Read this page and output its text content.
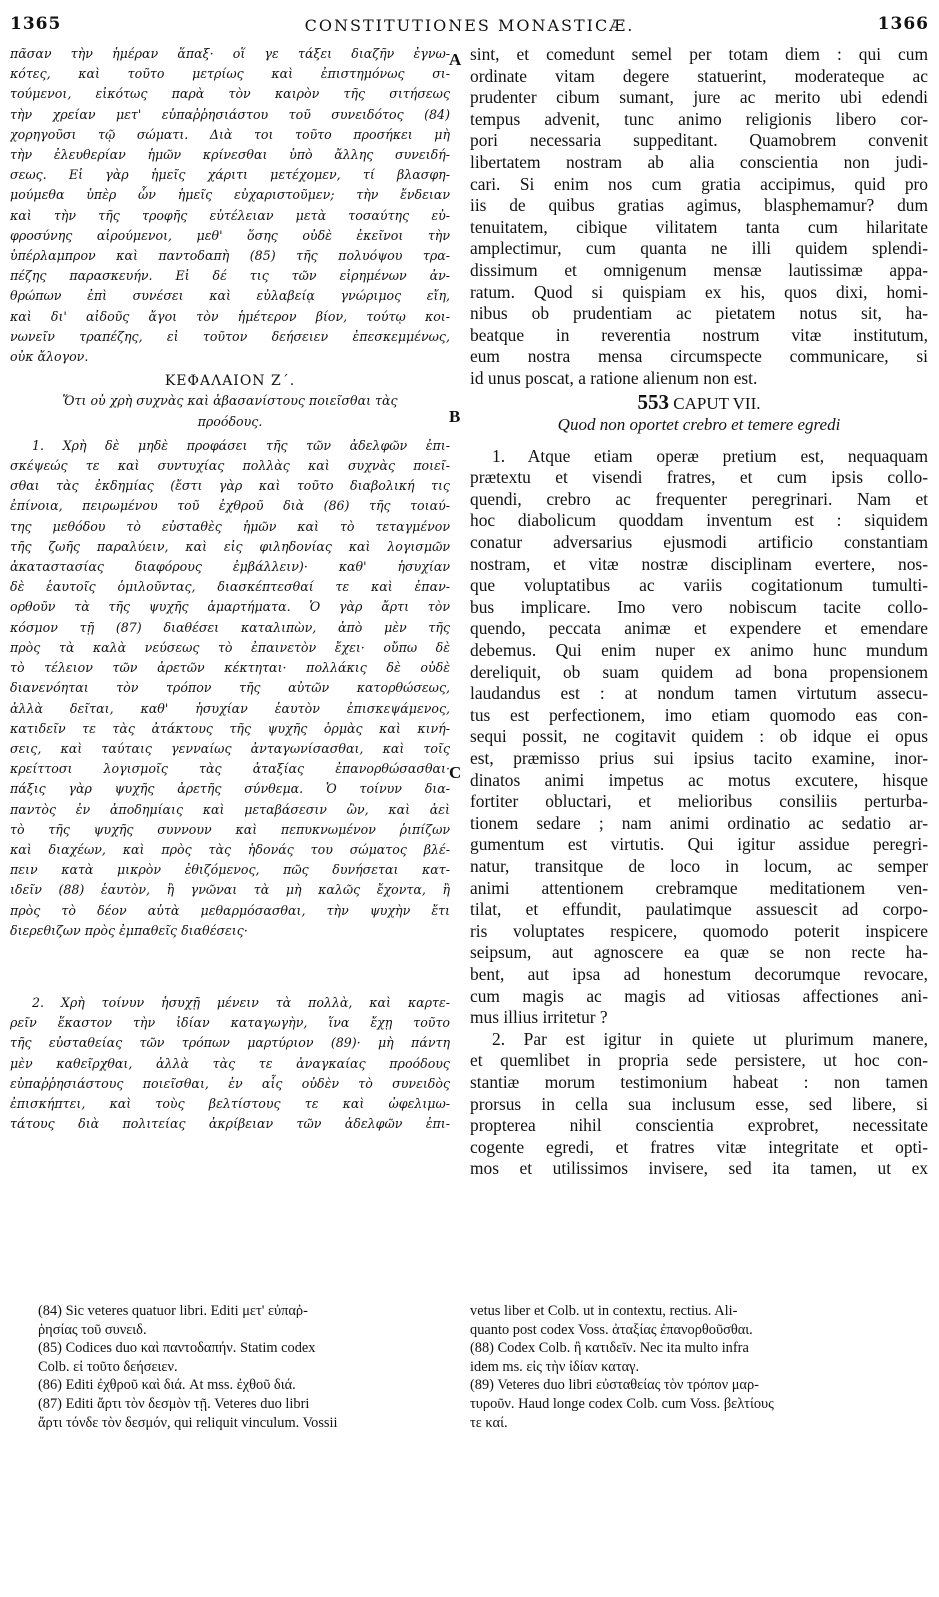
1365	CONSTITUTIONES MONASTICÆ.	1366
πᾶσαν τὴν ἡμέραν ἅπαξ· οἵ γε τάξει διαζῆν ἐγνω-
κότες, καὶ τοῦτο μετρίως καὶ ἐπιστημόνως σι-
τούμενοι, εἰκότως παρὰ τὸν καιρὸν τῆς σιτήσεως
τὴν χρείαν μετ' εὐπαῤῥησιάστου τοῦ συνειδότος (84)
χορηγοῦσι τῷ σώματι. Διὰ τοι τοῦτο προσήκει μὴ
τὴν ἐλευθερίαν ἡμῶν κρίνεσθαι ὑπὸ ἄλλης συνειδή-
σεως. Εἰ γὰρ ἡμεῖς χάριτι μετέχομεν, τί βλασφη-
μούμεθα ὑπὲρ ὧν ἡμεῖς εὐχαριστοῦμεν; τὴν ἔνδειαν
καὶ τὴν τῆς τροφῆς εὐτέλειαν μετὰ τοσαύτης εὐ-
φροσύνης αἱρούμενοι, μεθ' ὅσης οὐδὲ ἐκεῖνοι τὴν
ὑπέρλαμπρον καὶ παντοδαπὴ (85) τῆς πολυόψου τρα-
πέζης παρασκευήν. Εἰ δέ τις τῶν εἰρημένων ἀν-
θρώπων ἐπὶ συνέσει καὶ εὐλαβείᾳ γνώριμος εἴη,
καὶ δι' αἰδοῦς ἄγοι τὸν ἡμέτερον βίον, τούτῳ κοι-
νωνεῖν τραπέζης, εἰ τοῦτον δεήσειεν ἐπεσκεμμένως,
οὐκ ἄλογον.
ΚΕΦΑΛΑΙΟΝ Ζ΄.
Ὅτι οὐ χρὴ συχνὰς καὶ ἀβασανίστους ποιεῖσθαι τὰς
προόδους.
1. Χρὴ δὲ μηδὲ προφάσει τῆς τῶν ἀδελφῶν ἐπι-
σκέψεώς τε καὶ συντυχίας πολλὰς καὶ συχνὰς ποιεῖ-
σθαι τὰς ἐκδημίας (ἔστι γὰρ καὶ τοῦτο διαβολική τις
ἐπίνοια, πειρωμένου τοῦ ἐχθροῦ διὰ (86) τῆς τοιαύ-
της μεθόδου τὸ εὐσταθὲς ἡμῶν καὶ τὸ τεταγμένον
τῆς ζωῆς παραλύειν, καὶ εἰς φιληδονίας καὶ λογισμῶν
ἀκαταστασίας διαφόρους ἐμβάλλειν)· καθ' ἡσυχίαν
δὲ ἑαυτοῖς ὁμιλοῦντας, διασκέπτεσθαί τε καὶ ἐπαν-
ορθοῦν τὰ τῆς ψυχῆς ἁμαρτήματα. Ὁ γὰρ ἄρτι τὸν
κόσμον τῇ (87) διαθέσει καταλιπὼν, ἀπὸ μὲν τῆς
πρὸς τὰ καλὰ νεύσεως τὸ ἐπαινετὸν ἔχει· οὔπω δὲ
τὸ τέλειον τῶν ἀρετῶν κέκτηται· πολλάκις δὲ οὐδὲ
διανενόηται τὸν τρόπον τῆς αὐτῶν κατορθώσεως,
ἀλλὰ δεῖται, καθ' ἡσυχίαν ἑαυτὸν ἐπισκεψάμενος,
κατιδεῖν τε τὰς ἀτάκτους τῆς ψυχῆς ὁρμὰς καὶ κινή-
σεις, καὶ ταύταις γενναίως ἀνταγωνίσασθαι, καὶ τοῖς
κρείττοσι λογισμοῖς τὰς ἀταξίας ἐπανορθώσασθαι·
πάξις γὰρ ψυχῆς ἀρετῆς σύνθεμα. Ὁ τοίνυν δια-
παντὸς ἐν ἀποδημίαις καὶ μεταβάσεσιν ὢν, καὶ ἀεὶ
τὸ τῆς ψυχῆς συννουν καὶ πεπυκνωμένον ῥιπίζων
καὶ διαχέων, καὶ πρὸς τὰς ἡδονάς του σώματος βλέ-
πειν κατὰ μικρὸν ἐθιζόμενος, πῶς δυνήσεται κατ-
ιδεῖν (88) ἑαυτὸν, ἢ γνῶναι τὰ μὴ καλῶς ἔχοντα, ἢ
πρὸς τὸ δέον αὐτὰ μεθαρμόσασθαι, τὴν ψυχὴν ἔτι
διερεθιζων πρὸς ἐμπαθεῖς διαθέσεις·
2. Χρὴ τοίνυν ἡσυχῇ μένειν τὰ πολλὰ, καὶ καρτε-
ρεῖν ἕκαστον τὴν ἰδίαν καταγωγὴν, ἵνα ἔχῃ τοῦτο
τῆς εὐσταθείας τῶν τρόπων μαρτύριον (89)· μὴ πάντη
μὲν καθεῖρχθαι, ἀλλὰ τὰς τε ἀναγκαίας προόδους
εὐπαῤῥησιάστους ποιεῖσθαι, ἐν αἷς οὐδὲν τὸ συνειδὸς
ἐπισκήπτει, καὶ τοὺς βελτίστους τε καὶ ὠφελιμω-
τάτους διὰ πολιτείας ἀκρίβειαν τῶν ἀδελφῶν ἐπι-
sint, et comedunt semel per totam diem : qui cum
ordinate vitam degere statuerint, moderateque ac
prudenter cibum sumant, jure ac merito ubi edendi
tempus advenit, tunc animo religionis libero cor-
pori necessaria suppeditant. Quamobrem convenit
libertatem nostram ab alia conscientia non judi-
cari. Si enim nos cum gratia accipimus, quid pro
iis de quibus gratias agimus, blasphemamur? dum
tenuitatem, cibique vilitatem tanta cum hilaritate
amplectimur, cum quanta ne illi quidem splendi-
dissimum et omnigenum mensæ lautissimæ appa-
ratum. Quod si quispiam ex his, quos dixi, homi-
nibus ob prudentiam ac pietatem notus sit, ha-
beatque in reverentia nostrum vitæ institutum,
eum nostra mensa circumspecte communicare, si
id unus poscat, a ratione alienum non est.
553 CAPUT VII.
Quod non oportet crebro et temere egredi
1. Atque etiam operæ pretium est, nequaquam
prætextu et visendi fratres, et cum ipsis collo-
quendi, crebro ac frequenter peregrinari. Nam et
hoc diabolicum quoddam inventum est : siquidem
conatur adversarius ejusmodi artificio constantiam
nostram, et vitæ nostræ disciplinam evertere, nos-
que voluptatibus ac variis cogitationum tumulti-
bus implicare. Imo vero nobiscum tacite collo-
quendo, peccata animæ et expendere et emendare
debemus. Qui enim nuper ex animo hunc mundum
dereliquit, ob suam quidem ad bona propensionem
laudandus est : at nondum tamen virtutum assecu-
tus est perfectionem, imo etiam quomodo eas con-
sequi possit, ne cogitavit quidem : ob idque ei opus
est, præmisso prius sui ipsius tacito examine, inor-
dinatos animi impetus ac motus excutere, hisque
fortiter obluctari, et melioribus consiliis perturba-
tionem sedare ; nam animi ordinatio ac sedatio ar-
gumentum est virtutis. Qui igitur assidue peregri-
natur, transitque de loco in locum, ac semper
animi attentionem crebramque meditationem ven-
tilat, et effundit, paulatimque assuescit ad corpo-
ris voluptates respicere, quomodo poterit inspicere
seipsum, aut agnoscere ea quæ se non recte ha-
bent, aut ipsa ad honestum decorumque revocare,
cum magis ac magis ad vitiosas affectiones ani-
mus illius irritetur ?
2. Par est igitur in quiete ut plurimum manere,
et quemlibet in propria sede persistere, ut hoc con-
stantiæ morum testimonium habeat : non tamen
prorsus in cella sua inclusum esse, sed libere, si
propterea nihil conscientia exprobret, necessitate
cogente egredi, et fratres vitæ integritate et opti-
mos et utilissimos invisere, sed ita tamen, ut ex
A
B
C
(84) Sic veteres quatuor libri. Editi μετ' εὐπαῤ-
ῥησίας τοῦ συνειδ.
(85) Codices duo καὶ παντοδαπήν. Statim codex
Colb. εἰ τοῦτο δεήσειεν.
(86) Editi ἐχθροῦ καὶ διά. At mss. ἐχθοῦ διά.
(87) Editi ἄρτι τὸν δεσμὸν τῇ. Veteres duo libri
ἄρτι τόνδε τὸν δεσμόν, qui reliquit vinculum. Vossii
vetus liber et Colb. ut in contextu, rectius. Ali-
quanto post codex Voss. ἀταξίας ἐπανορθοῦσθαι.
(88) Codex Colb. ἢ κατιδεῖν. Nec ita multo infra
idem ms. εἰς τὴν ἰδίαν καταγ.
(89) Veteres duo libri εὐσταθείας τὸν τρόπον μαρ-
τυροῦν. Haud longe codex Colb. cum Voss. βελτίους
τε καί.
